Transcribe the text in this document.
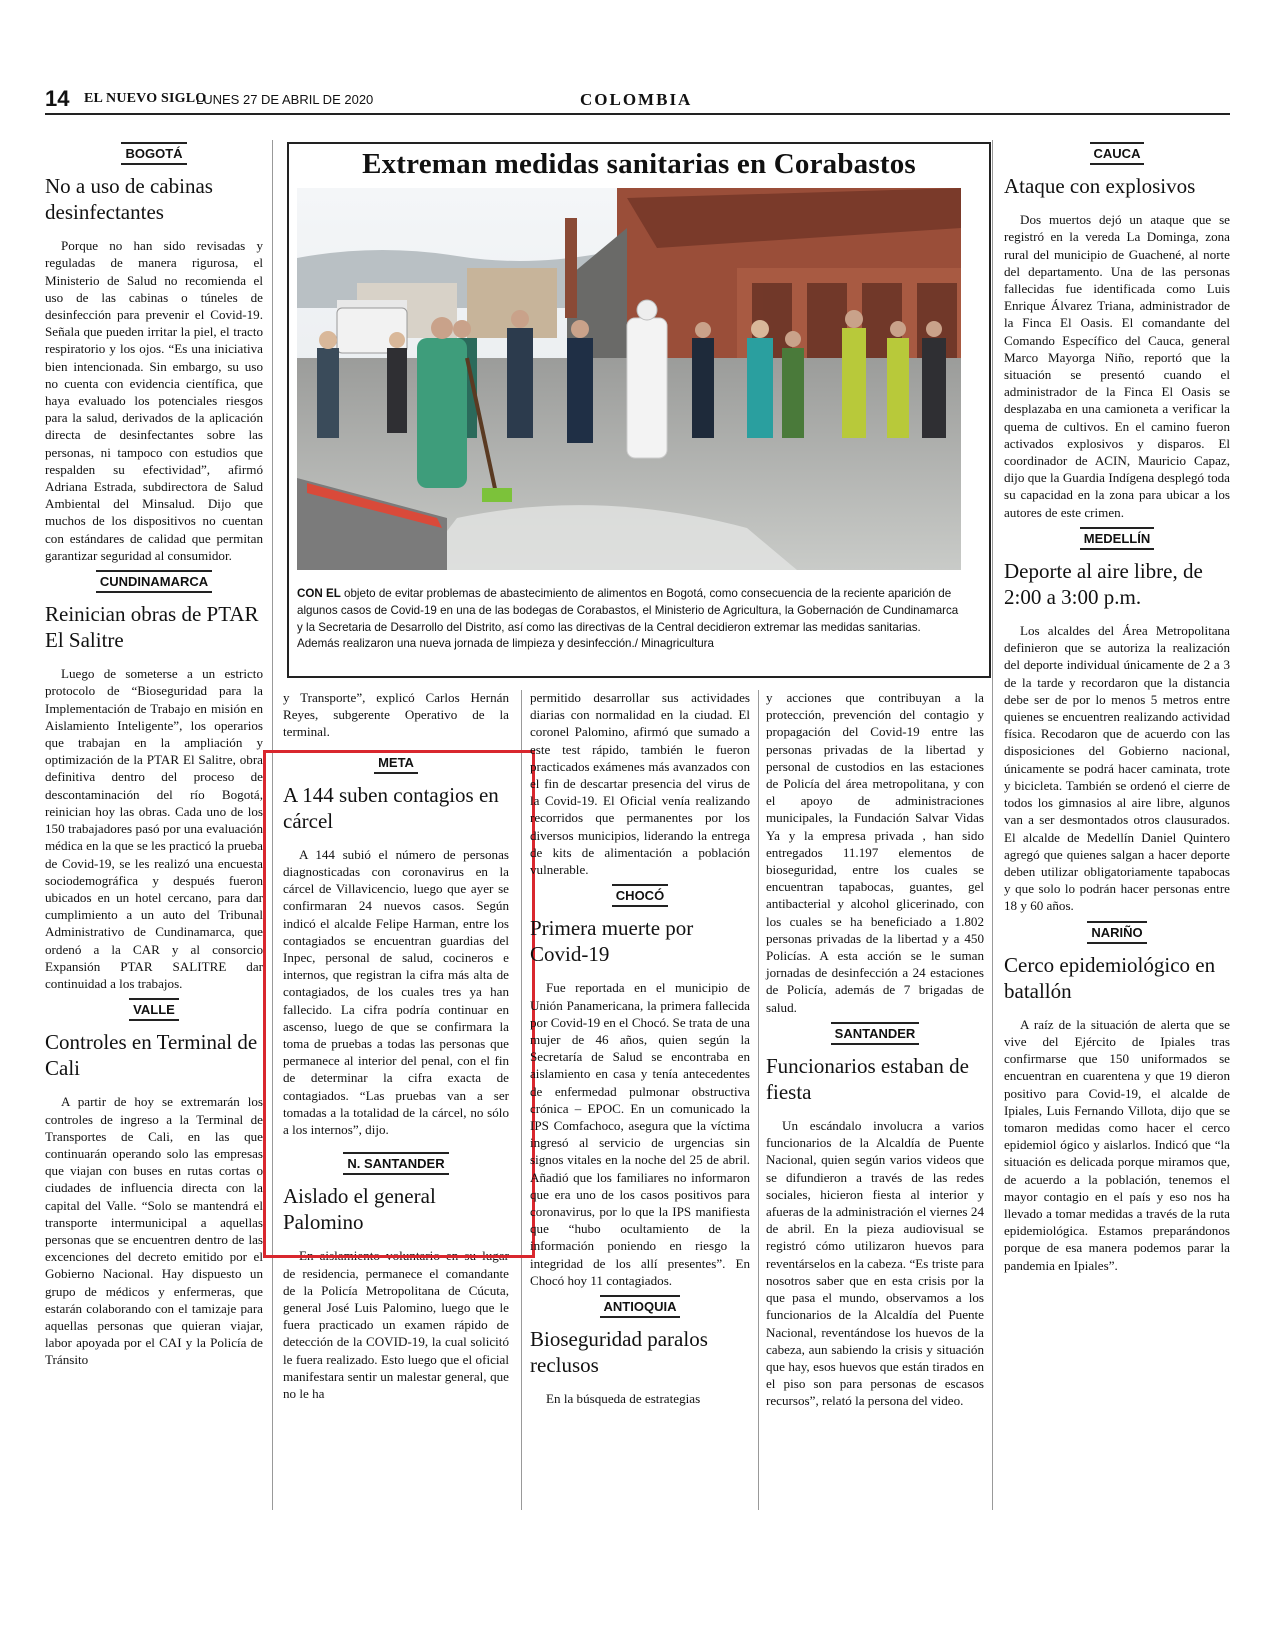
14 EL NUEVO SIGLO
LUNES 27 DE ABRIL DE 2020	COLOMBIA
BOGOTÁ
No a uso de cabinas desinfectantes

Porque no han sido revisadas y reguladas de manera rigurosa, el Ministerio de Salud no recomienda el uso de las cabinas o túneles de desinfección para prevenir el Covid-19. Señala que pueden irritar la piel, el tracto respiratorio y los ojos. “Es una iniciativa bien intencionada. Sin embargo, su uso no cuenta con evidencia científica, que haya evaluado los potenciales riesgos para la salud, derivados de la aplicación directa de desinfectantes sobre las personas, ni tampoco con estudios que respalden su efectividad”, afirmó Adriana Estrada, subdirectora de Salud Ambiental del Minsalud. Dijo que muchos de los dispositivos no cuentan con estándares de calidad que permitan garantizar seguridad al consumidor.

CUNDINAMARCA
Reinician obras de PTAR El Salitre

Luego de someterse a un estricto protocolo de “Bioseguridad para la Implementación de Trabajo en misión en Aislamiento Inteligente”, los operarios que trabajan en la ampliación y optimización de la PTAR El Salitre, obra definitiva dentro del proceso de descontaminación del río Bogotá, reinician hoy las obras. Cada uno de los 150 trabajadores pasó por una evaluación médica en la que se les practicó la prueba de Covid-19, se les realizó una encuesta sociodemográfica y después fueron ubicados en un hotel cercano, para dar cumplimiento a un auto del Tribunal Administrativo de Cundinamarca, que ordenó a la CAR y al consorcio Expansión PTAR SALITRE dar continuidad a los trabajos.

VALLE
Controles en Terminal de Cali

A partir de hoy se extremarán los controles de ingreso a la Terminal de Transportes de Cali, en las que continuarán operando solo las empresas que viajan con buses en rutas cortas o ciudades de influencia directa con la capital del Valle. “Solo se mantendrá el transporte intermunicipal a aquellas personas que se encuentren dentro de las excenciones del decreto emitido por el Gobierno Nacional. Hay dispuesto un grupo de médicos y enfermeras, que estarán colaborando con el tamizaje para aquellas personas que quieran viajar, labor apoyada por el CAI y la Policía de Tránsito

Extreman medidas sanitarias en Corabastos
CON EL objeto de evitar problemas de abastecimiento de alimentos en Bogotá, como consecuencia de la reciente aparición de algunos casos de Covid-19 en una de las bodegas de Corabastos, el Ministerio de Agricultura, la Gobernación de Cundinamarca y la Secretaria de Desarrollo del Distrito, así como las directivas de la Central decidieron extremar las medidas sanitarias. Además realizaron una nueva jornada de limpieza y desinfección./ Minagricultura

y Transporte”, explicó Carlos Hernán Reyes, subgerente Operativo de la terminal.

META
A 144 suben contagios en cárcel

A 144 subió el número de personas diagnosticadas con coronavirus en la cárcel de Villavicencio, luego que ayer se confirmaran 24 nuevos casos. Según indicó el alcalde Felipe Harman, entre los contagiados se encuentran guardias del Inpec, personal de salud, cocineros e internos, que registran la cifra más alta de contagiados, de los cuales tres ya han fallecido. La cifra podría continuar en ascenso, luego de que se confirmara la toma de pruebas a todas las personas que permanece al interior del penal, con el fin de determinar la cifra exacta de contagiados. “Las pruebas van a ser tomadas a la totalidad de la cárcel, no sólo a los internos”, dijo.

N. SANTANDER
Aislado el general Palomino

En aislamiento voluntario en su lugar de residencia, permanece el comandante de la Policía Metropolitana de Cúcuta, general José Luis Palomino, luego que le fuera practicado un examen rápido de detección de la COVID-19, la cual solicitó le fuera realizado. Esto luego que el oficial manifestara sentir un malestar general, que no le ha

permitido desarrollar sus actividades diarias con normalidad en la ciudad. El coronel Palomino, afirmó que sumado a este test rápido, también le fueron practicados exámenes más avanzados con el fin de descartar presencia del virus de la Covid-19. El Oficial venía realizando recorridos que permanentes por los diversos municipios, liderando la entrega de kits de alimentación a población vulnerable.

CHOCÓ
Primera muerte por Covid-19

Fue reportada en el municipio de Unión Panamericana, la primera fallecida por Covid-19 en el Chocó. Se trata de una mujer de 46 años, quien según la Secretaría de Salud se encontraba en aislamiento en casa y tenía antecedentes de enfermedad pulmonar obstructiva crónica – EPOC. En un comunicado la IPS Comfachoco, asegura que la víctima ingresó al servicio de urgencias sin signos vitales en la noche del 25 de abril. Añadió que los familiares no informaron que era uno de los casos positivos para coronavirus, por lo que la IPS manifiesta que “hubo ocultamiento de la información poniendo en riesgo la integridad de los allí presentes”. En Chocó hoy 11 contagiados.

ANTIOQUIA
Bioseguridad paralos reclusos

En la búsqueda de estrategias

y acciones que contribuyan a la protección, prevención del contagio y propagación del Covid-19 entre las personas privadas de la libertad y personal de custodios en las estaciones de Policía del área metropolitana, y con el apoyo de administraciones municipales, la Fundación Salvar Vidas Ya y la empresa privada , han sido entregados 11.197 elementos de bioseguridad, entre los cuales se encuentran tapabocas, guantes, gel antibacterial y alcohol glicerinado, con los cuales se ha beneficiado a 1.802 personas privadas de la libertad y a 450 Policías. A esta acción se le suman jornadas de desinfección a 24 estaciones de Policía, además de 7 brigadas de salud.

SANTANDER
Funcionarios estaban de fiesta

Un escándalo involucra a varios funcionarios de la Alcaldía de Puente Nacional, quien según varios videos que se difundieron a través de las redes sociales, hicieron fiesta al interior y afueras de la administración el viernes 24 de abril. En la pieza audiovisual se registró cómo utilizaron huevos para reventárselos en la cabeza. “Es triste para nosotros saber que en esta crisis por la que pasa el mundo, observamos a los funcionarios de la Alcaldía del Puente Nacional, reventándose los huevos de la cabeza, aun sabiendo la crisis y situación que hay, esos huevos que están tirados en el piso son para personas de escasos recursos”, relató la persona del video.

CAUCA
Ataque con explosivos

Dos muertos dejó un ataque que se registró en la vereda La Dominga, zona rural del municipio de Guachené, al norte del departamento. Una de las personas fallecidas fue identificada como Luis Enrique Álvarez Triana, administrador de la Finca El Oasis. El comandante del Comando Específico del Cauca, general Marco Mayorga Niño, reportó que la situación se presentó cuando el administrador de la Finca El Oasis se desplazaba en una camioneta a verificar la quema de cultivos. En el camino fueron activados explosivos y disparos. El coordinador de ACIN, Mauricio Capaz, dijo que la Guardia Indígena desplegó toda su capacidad en la zona para ubicar a los autores de este crimen.

MEDELLÍN
Deporte al aire libre, de 2:00 a 3:00 p.m.

Los alcaldes del Área Metropolitana definieron que se autoriza la realización del deporte individual únicamente de 2 a 3 de la tarde y recordaron que la distancia debe ser de por lo menos 5 metros entre quienes se encuentren realizando actividad física. Recodaron que de acuerdo con las disposiciones del Gobierno nacional, únicamente se podrá hacer caminata, trote y bicicleta. También se ordenó el cierre de todos los gimnasios al aire libre, algunos van a ser desmontados otros clausurados. El alcalde de Medellín Daniel Quintero agregó que quienes salgan a hacer deporte deben utilizar obligatoriamente tapabocas y que solo lo podrán hacer personas entre 18 y 60 años.

NARIÑO
Cerco epidemiológico en batallón

A raíz de la situación de alerta que se vive del Ejército de Ipiales tras confirmarse que 150 uniformados se encuentran en cuarentena y que 19 dieron positivo para Covid-19, el alcalde de Ipiales, Luis Fernando Villota, dijo que se tomaron medidas como hacer el cerco epidemiol ógico y aislarlos. Indicó que “la situación es delicada porque miramos que, de acuerdo a la población, tenemos el mayor contagio en el país y eso nos ha llevado a tomar medidas a través de la ruta epidemiológica. Estamos preparándonos porque de esa manera podemos parar la pandemia en Ipiales”.
